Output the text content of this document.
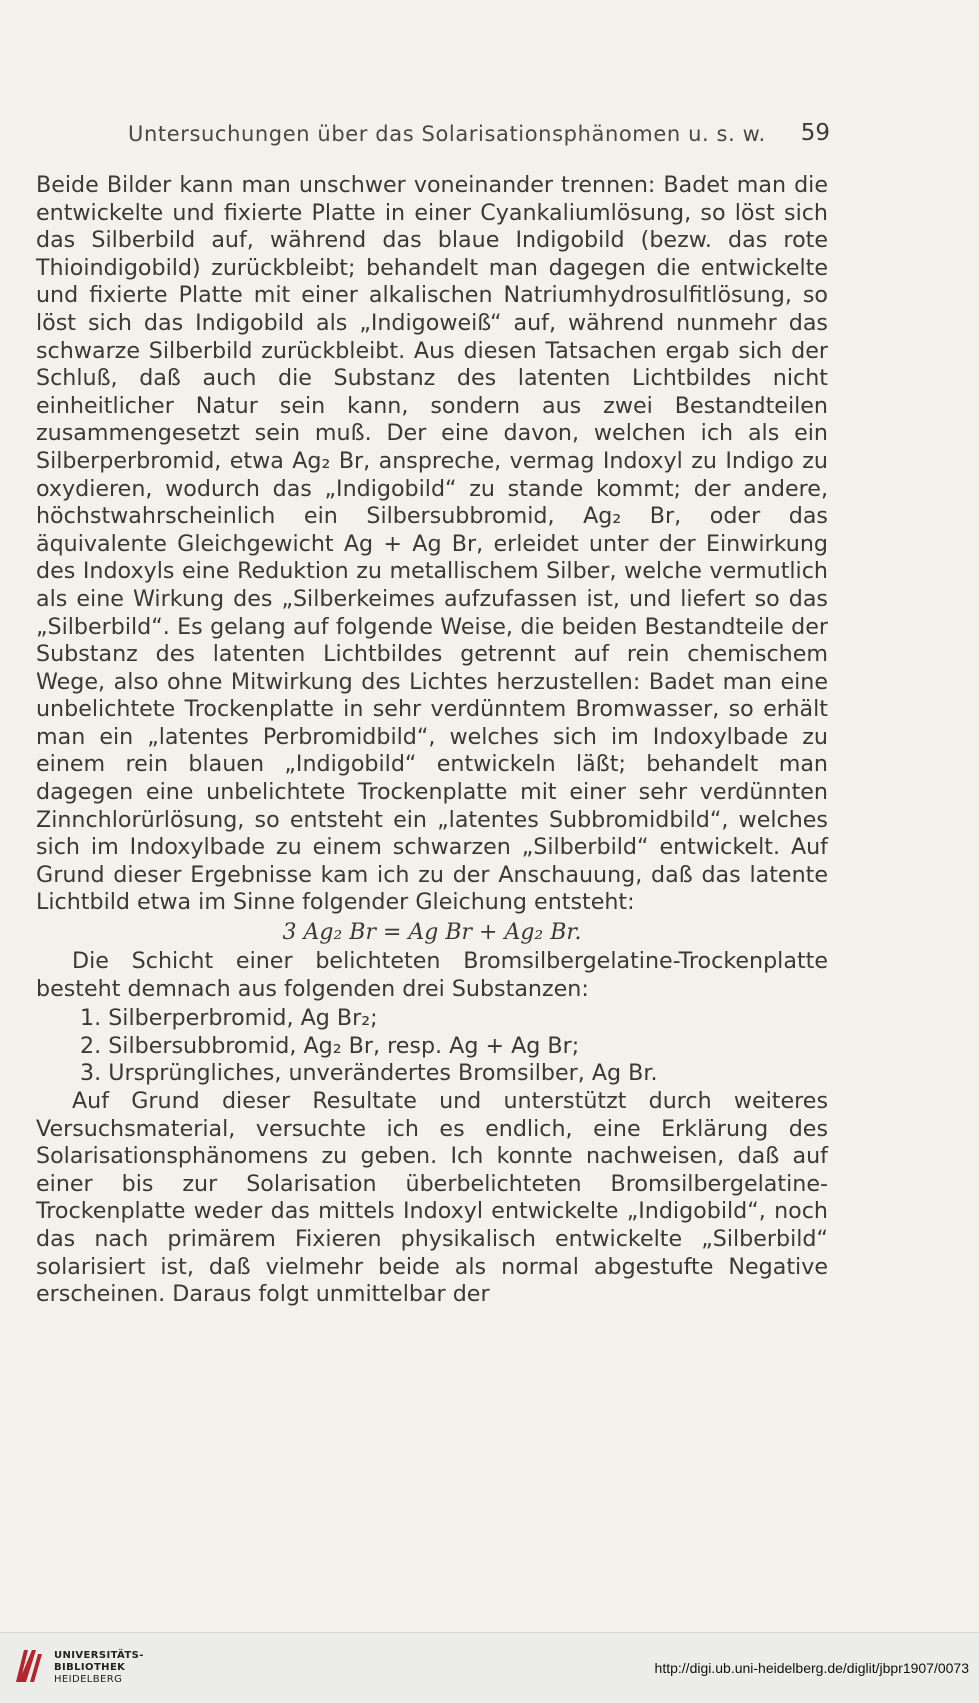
Untersuchungen über das Solarisationsphänomen u. s. w.	59

Beide Bilder kann man unschwer voneinander trennen: Badet man die entwickelte und fixierte Platte in einer Cyankaliumlösung, so löst sich das Silberbild auf, während das blaue Indigobild (bezw. das rote Thioindigobild) zurückbleibt; behandelt man dagegen die entwickelte und fixierte Platte mit einer alkalischen Natriumhydrosulfitlösung, so löst sich das Indigobild als „Indigoweiß“ auf, während nunmehr das schwarze Silberbild zurückbleibt. Aus diesen Tatsachen ergab sich der Schluß, daß auch die Substanz des latenten Lichtbildes nicht einheitlicher Natur sein kann, sondern aus zwei Bestandteilen zusammengesetzt sein muß. Der eine davon, welchen ich als ein Silberperbromid, etwa Ag₂ Br, anspreche, vermag Indoxyl zu Indigo zu oxydieren, wodurch das „Indigobild“ zu stande kommt; der andere, höchstwahrscheinlich ein Silbersubbromid, Ag₂ Br, oder das äquivalente Gleichgewicht Ag + Ag Br, erleidet unter der Einwirkung des Indoxyls eine Reduktion zu metallischem Silber, welche vermutlich als eine Wirkung des „Silberkeimes aufzufassen ist, und liefert so das „Silberbild“. Es gelang auf folgende Weise, die beiden Bestandteile der Substanz des latenten Lichtbildes getrennt auf rein chemischem Wege, also ohne Mitwirkung des Lichtes herzustellen: Badet man eine unbelichtete Trockenplatte in sehr verdünntem Bromwasser, so erhält man ein „latentes Perbromidbild“, welches sich im Indoxylbade zu einem rein blauen „Indigobild“ entwickeln läßt; behandelt man dagegen eine unbelichtete Trockenplatte mit einer sehr verdünnten Zinnchlorürlösung, so entsteht ein „latentes Subbromidbild“, welches sich im Indoxylbade zu einem schwarzen „Silberbild“ entwickelt. Auf Grund dieser Ergebnisse kam ich zu der Anschauung, daß das latente Lichtbild etwa im Sinne folgender Gleichung entsteht:

3 Ag₂ Br = Ag Br + Ag₂ Br.

Die Schicht einer belichteten Bromsilbergelatine-Trockenplatte besteht demnach aus folgenden drei Substanzen:

1. Silberperbromid, Ag Br₂;
2. Silbersubbromid, Ag₂ Br, resp. Ag + Ag Br;
3. Ursprüngliches, unverändertes Bromsilber, Ag Br.

Auf Grund dieser Resultate und unterstützt durch weiteres Versuchsmaterial, versuchte ich es endlich, eine Erklärung des Solarisationsphänomens zu geben. Ich konnte nachweisen, daß auf einer bis zur Solarisation überbelichteten Bromsilbergelatine-Trockenplatte weder das mittels Indoxyl entwickelte „Indigobild“, noch das nach primärem Fixieren physikalisch entwickelte „Silberbild“ solarisiert ist, daß vielmehr beide als normal abgestufte Negative erscheinen. Daraus folgt unmittelbar der

UNIVERSITÄTS-
BIBLIOTHEK

HEIDELBERG
http://digi.ub.uni-heidelberg.de/diglit/jbpr1907/0073
